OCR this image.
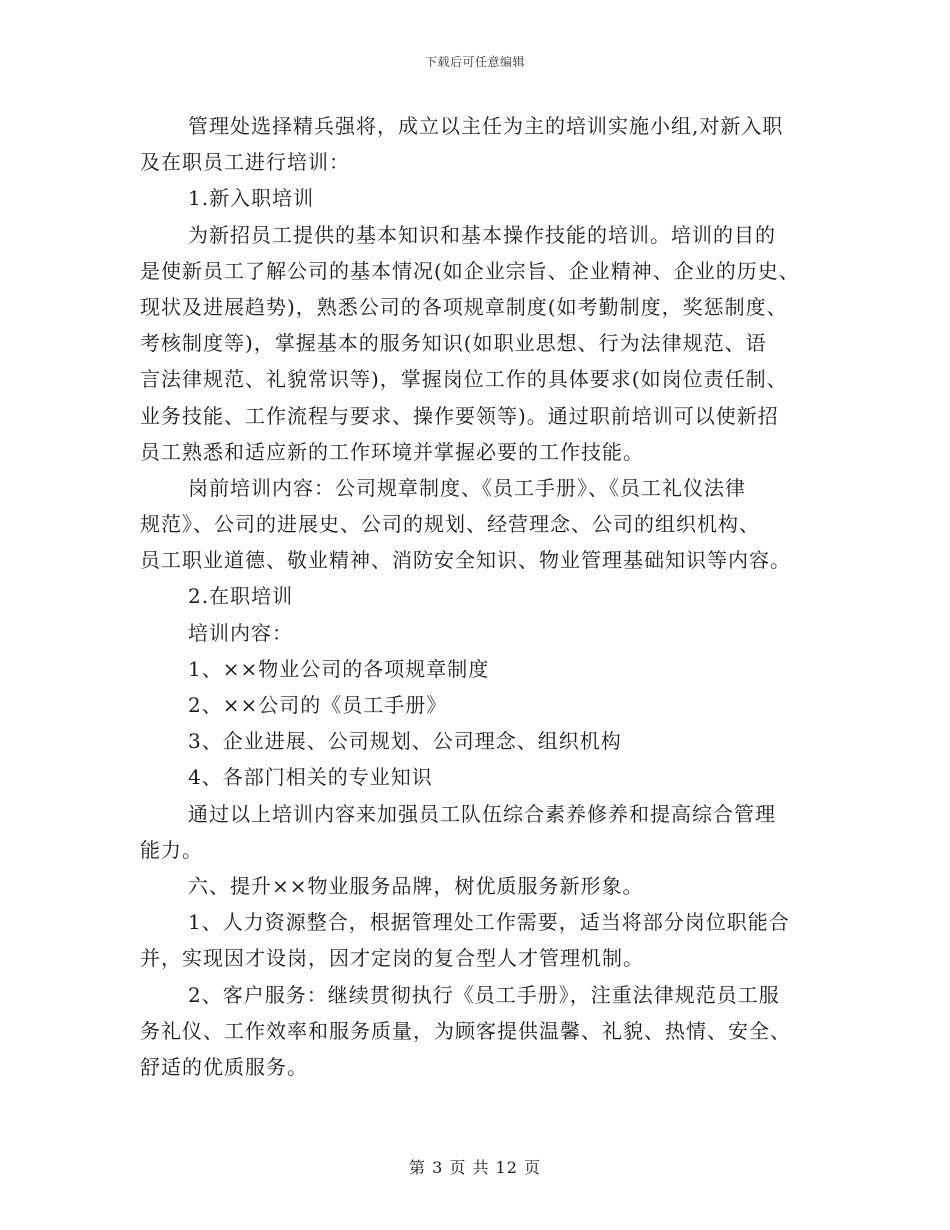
下载后可任意编辑
管理处选择精兵强将，成立以主任为主的培训实施小组,对新入职
及在职员工进行培训：
1.新入职培训
为新招员工提供的基本知识和基本操作技能的培训。培训的目的
是使新员工了解公司的基本情况(如企业宗旨、企业精神、企业的历史、
现状及进展趋势)，熟悉公司的各项规章制度(如考勤制度，奖惩制度、
考核制度等)，掌握基本的服务知识(如职业思想、行为法律规范、语
言法律规范、礼貌常识等)，掌握岗位工作的具体要求(如岗位责任制、
业务技能、工作流程与要求、操作要领等)。通过职前培训可以使新招
员工熟悉和适应新的工作环境并掌握必要的工作技能。
岗前培训内容：公司规章制度、《员工手册》、《员工礼仪法律
规范》、公司的进展史、公司的规划、经营理念、公司的组织机构、
员工职业道德、敬业精神、消防安全知识、物业管理基础知识等内容。
2.在职培训
培训内容：
1、××物业公司的各项规章制度
2、××公司的《员工手册》
3、企业进展、公司规划、公司理念、组织机构
4、各部门相关的专业知识
通过以上培训内容来加强员工队伍综合素养修养和提高综合管理
能力。
六、提升××物业服务品牌，树优质服务新形象。
1、人力资源整合，根据管理处工作需要，适当将部分岗位职能合
并，实现因才设岗，因才定岗的复合型人才管理机制。
2、客户服务：继续贯彻执行《员工手册》，注重法律规范员工服
务礼仪、工作效率和服务质量，为顾客提供温馨、礼貌、热情、安全、
舒适的优质服务。
第 3 页 共 12 页
